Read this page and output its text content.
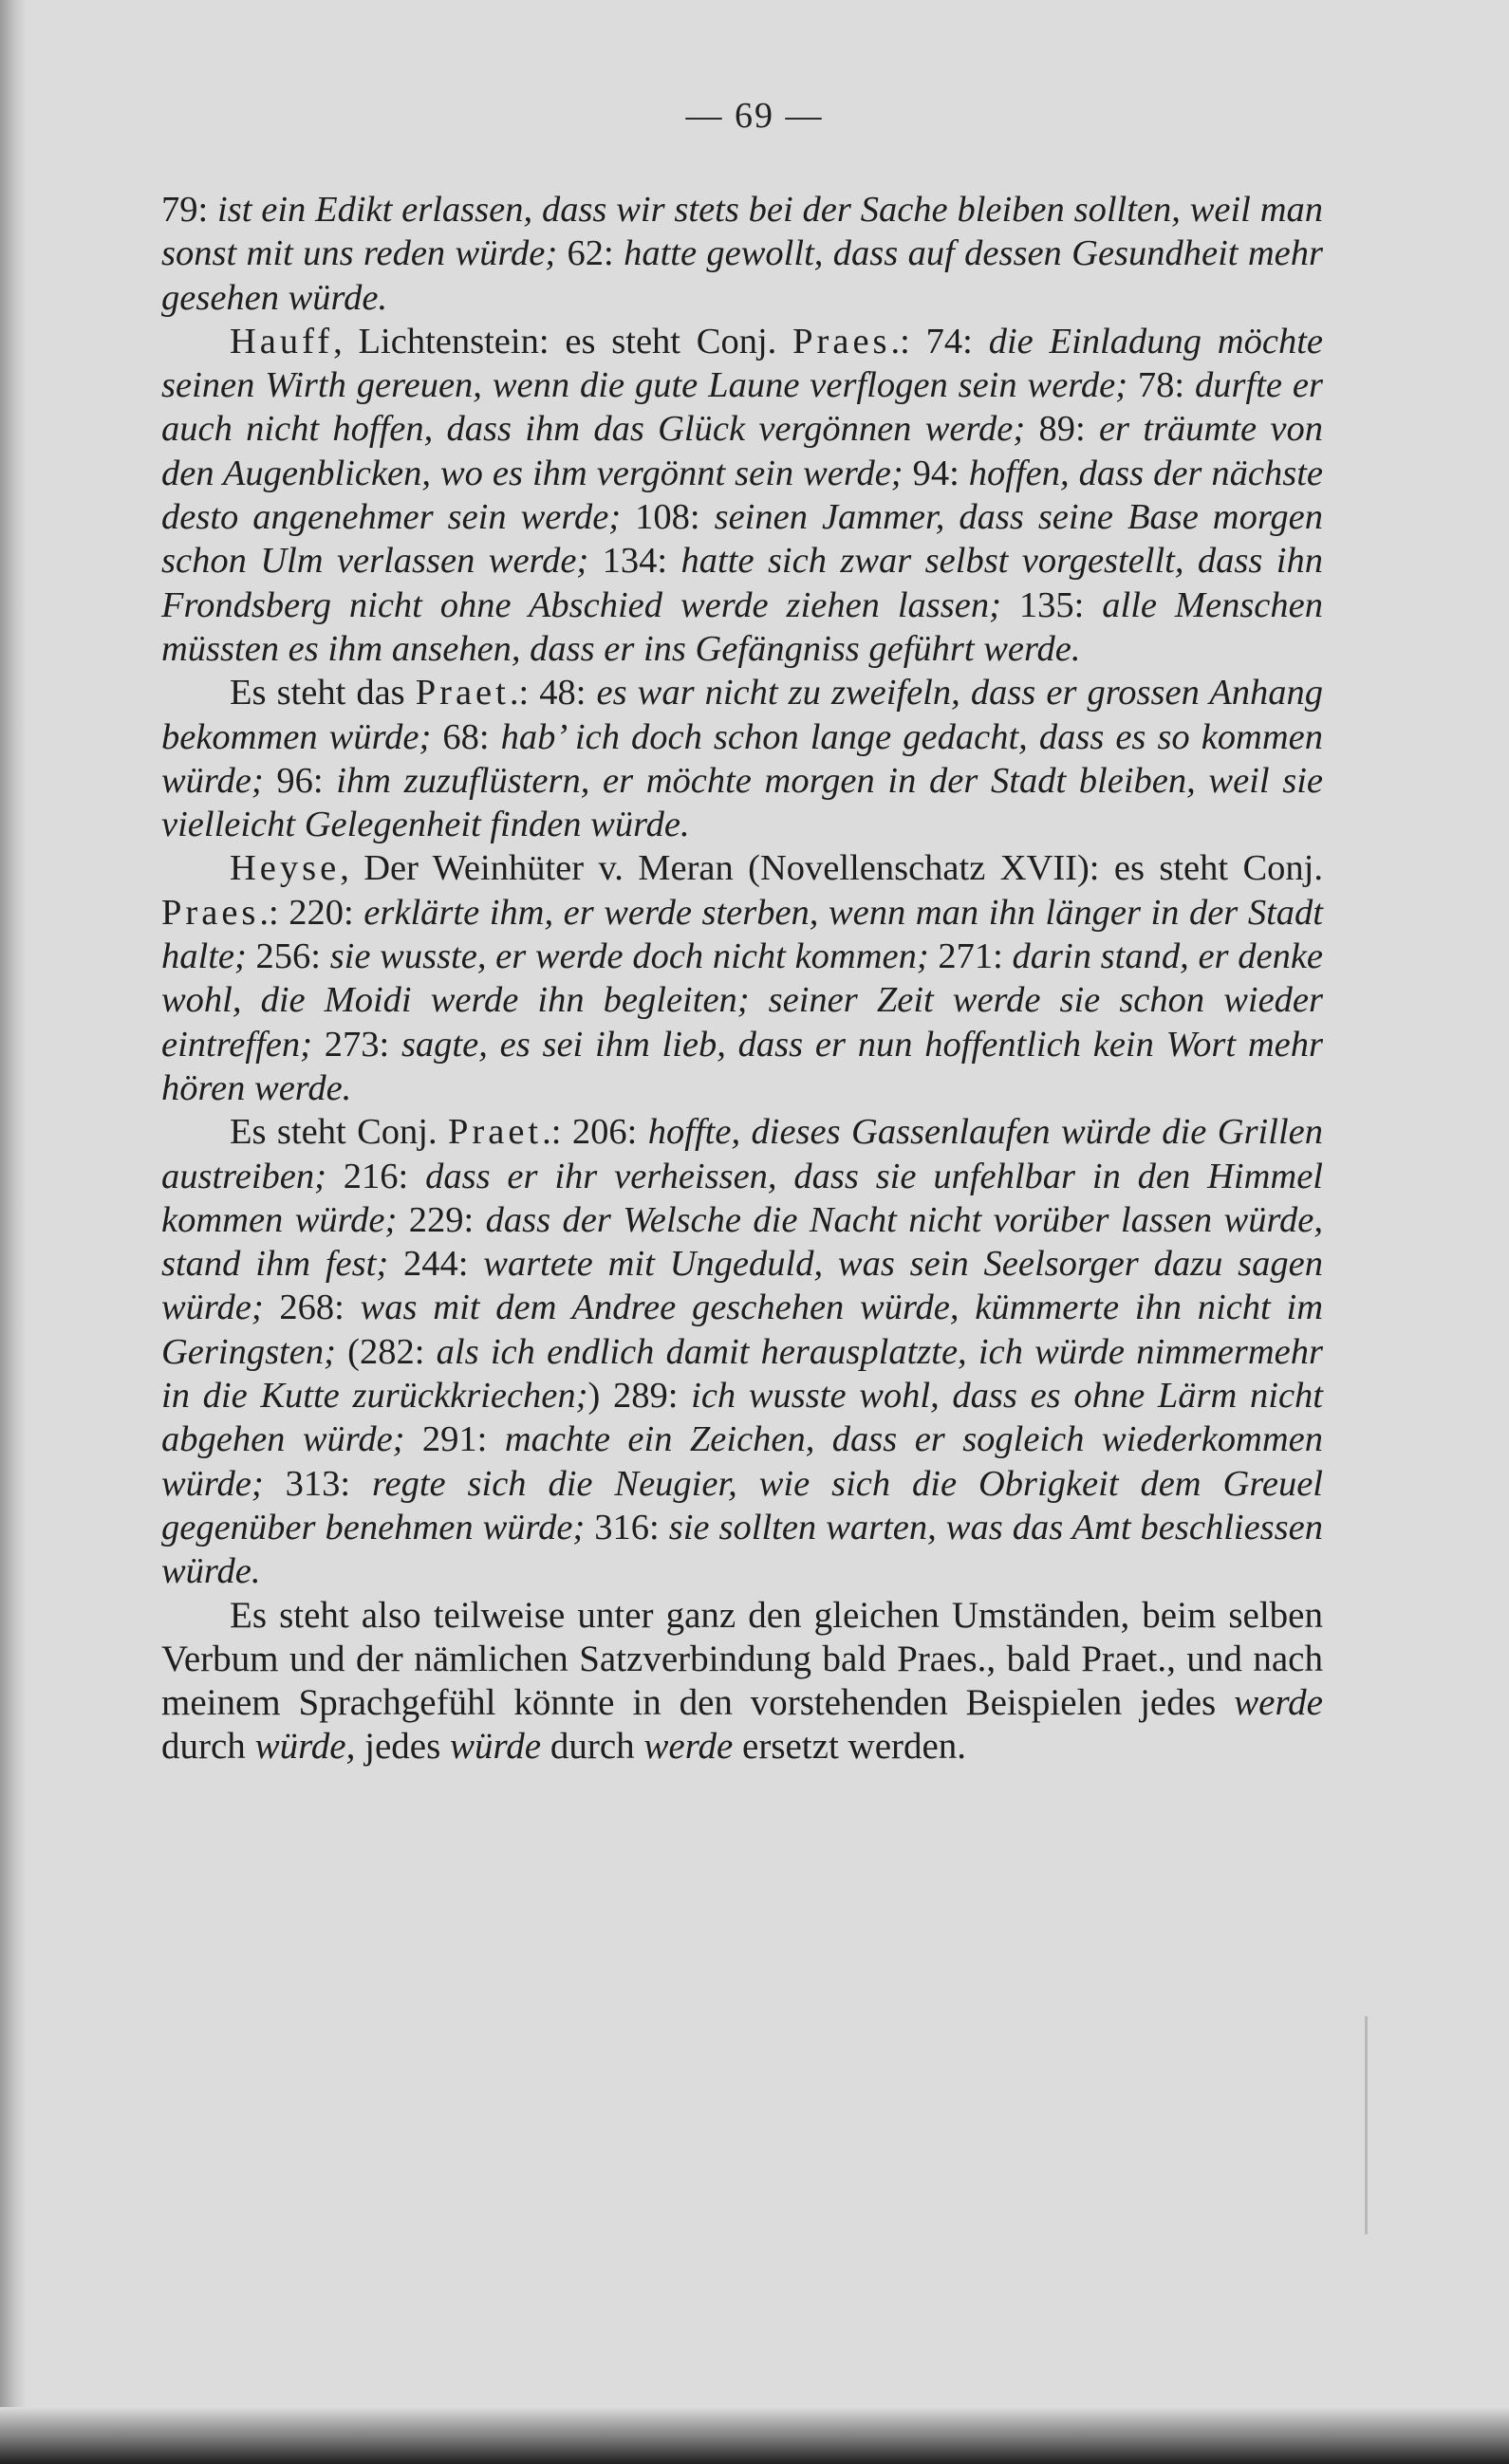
— 69 —

79: ist ein Edikt erlassen, dass wir stets bei der Sache bleiben sollten, weil man sonst mit uns reden würde; 62: hatte gewollt, dass auf dessen Gesundheit mehr gesehen würde.

Hauff, Lichtenstein: es steht Conj. Praes.: 74: die Einladung möchte seinen Wirth gereuen, wenn die gute Laune verflogen sein werde; 78: durfte er auch nicht hoffen, dass ihm das Glück vergönnen werde; 89: er träumte von den Augenblicken, wo es ihm vergönnt sein werde; 94: hoffen, dass der nächste desto angenehmer sein werde; 108: seinen Jammer, dass seine Base morgen schon Ulm verlassen werde; 134: hatte sich zwar selbst vorgestellt, dass ihn Frondsberg nicht ohne Abschied werde ziehen lassen; 135: alle Menschen müssten es ihm ansehen, dass er ins Gefängniss geführt werde.

Es steht das Praet.: 48: es war nicht zu zweifeln, dass er grossen Anhang bekommen würde; 68: hab’ ich doch schon lange gedacht, dass es so kommen würde; 96: ihm zuzuflüstern, er möchte morgen in der Stadt bleiben, weil sie vielleicht Gelegenheit finden würde.

Heyse, Der Weinhüter v. Meran (Novellenschatz XVII): es steht Conj. Praes.: 220: erklärte ihm, er werde sterben, wenn man ihn länger in der Stadt halte; 256: sie wusste, er werde doch nicht kommen; 271: darin stand, er denke wohl, die Moidi werde ihn begleiten; seiner Zeit werde sie schon wieder eintreffen; 273: sagte, es sei ihm lieb, dass er nun hoffentlich kein Wort mehr hören werde.

Es steht Conj. Praet.: 206: hoffte, dieses Gassenlaufen würde die Grillen austreiben; 216: dass er ihr verheissen, dass sie unfehlbar in den Himmel kommen würde; 229: dass der Welsche die Nacht nicht vorüber lassen würde, stand ihm fest; 244: wartete mit Ungeduld, was sein Seelsorger dazu sagen würde; 268: was mit dem Andree geschehen würde, kümmerte ihn nicht im Geringsten; (282: als ich endlich damit herausplatzte, ich würde nimmermehr in die Kutte zurückkriechen;) 289: ich wusste wohl, dass es ohne Lärm nicht abgehen würde; 291: machte ein Zeichen, dass er sogleich wiederkommen würde; 313: regte sich die Neugier, wie sich die Obrigkeit dem Greuel gegenüber benehmen würde; 316: sie sollten warten, was das Amt beschliessen würde.

Es steht also teilweise unter ganz den gleichen Umständen, beim selben Verbum und der nämlichen Satzverbindung bald Praes., bald Praet., und nach meinem Sprachgefühl könnte in den vorstehenden Beispielen jedes werde durch würde, jedes würde durch werde ersetzt werden.
